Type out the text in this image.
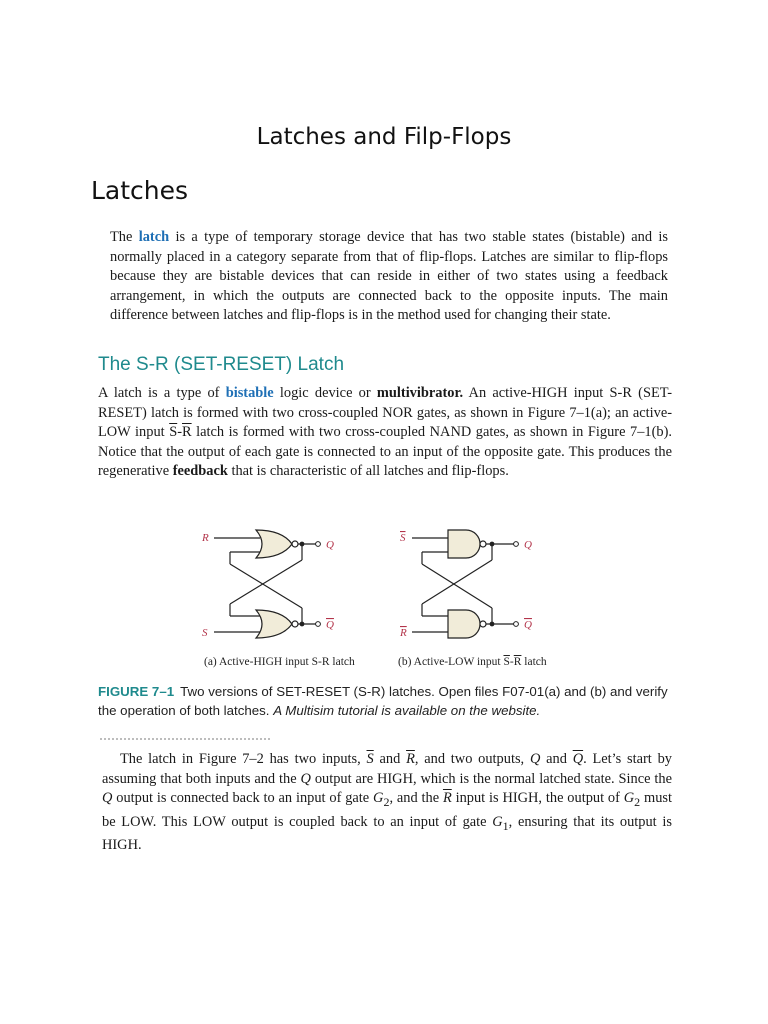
Latches and Filp-Flops
Latches

The latch is a type of temporary storage device that has two stable states (bistable) and is normally placed in a category separate from that of flip-flops. Latches are similar to flip-flops because they are bistable devices that can reside in either of two states using a feedback arrangement, in which the outputs are connected back to the opposite inputs. The main difference between latches and flip-flops is in the method used for changing their state.

The S-R (SET-RESET) Latch

A latch is a type of bistable logic device or multivibrator. An active-HIGH input S-R (SET-RESET) latch is formed with two cross-coupled NOR gates, as shown in Figure 7–1(a); an active-LOW input $\overline{S}-\overline{R}$ latch is formed with two cross-coupled NAND gates, as shown in Figure 7–1(b). Notice that the output of each gate is connected to an input of the opposite gate. This produces the regenerative feedback that is characteristic of all latches and flip-flops.

R
S
Q
Q
S
R
Q
Q
(a) Active-HIGH input S-R latch	(b) Active-LOW input $\overline{S}-\overline{R}$ latch
FIGURE 7–1 Two versions of SET-RESET (S-R) latches. Open files F07-01(a) and (b) and verify the operation of both latches. A Multisim tutorial is available on the website.

The latch in Figure 7–2 has two inputs, $\overline{S}$ and $\overline{R}$, and two outputs, Q and $\overline{Q}$. Let’s start by assuming that both inputs and the Q output are HIGH, which is the normal latched state. Since the Q output is connected back to an input of gate $G_2$, and the $\overline{R}$ input is HIGH, the output of $G_2$ must be LOW. This LOW output is coupled back to an input of gate $G_1$, ensuring that its output is HIGH.
